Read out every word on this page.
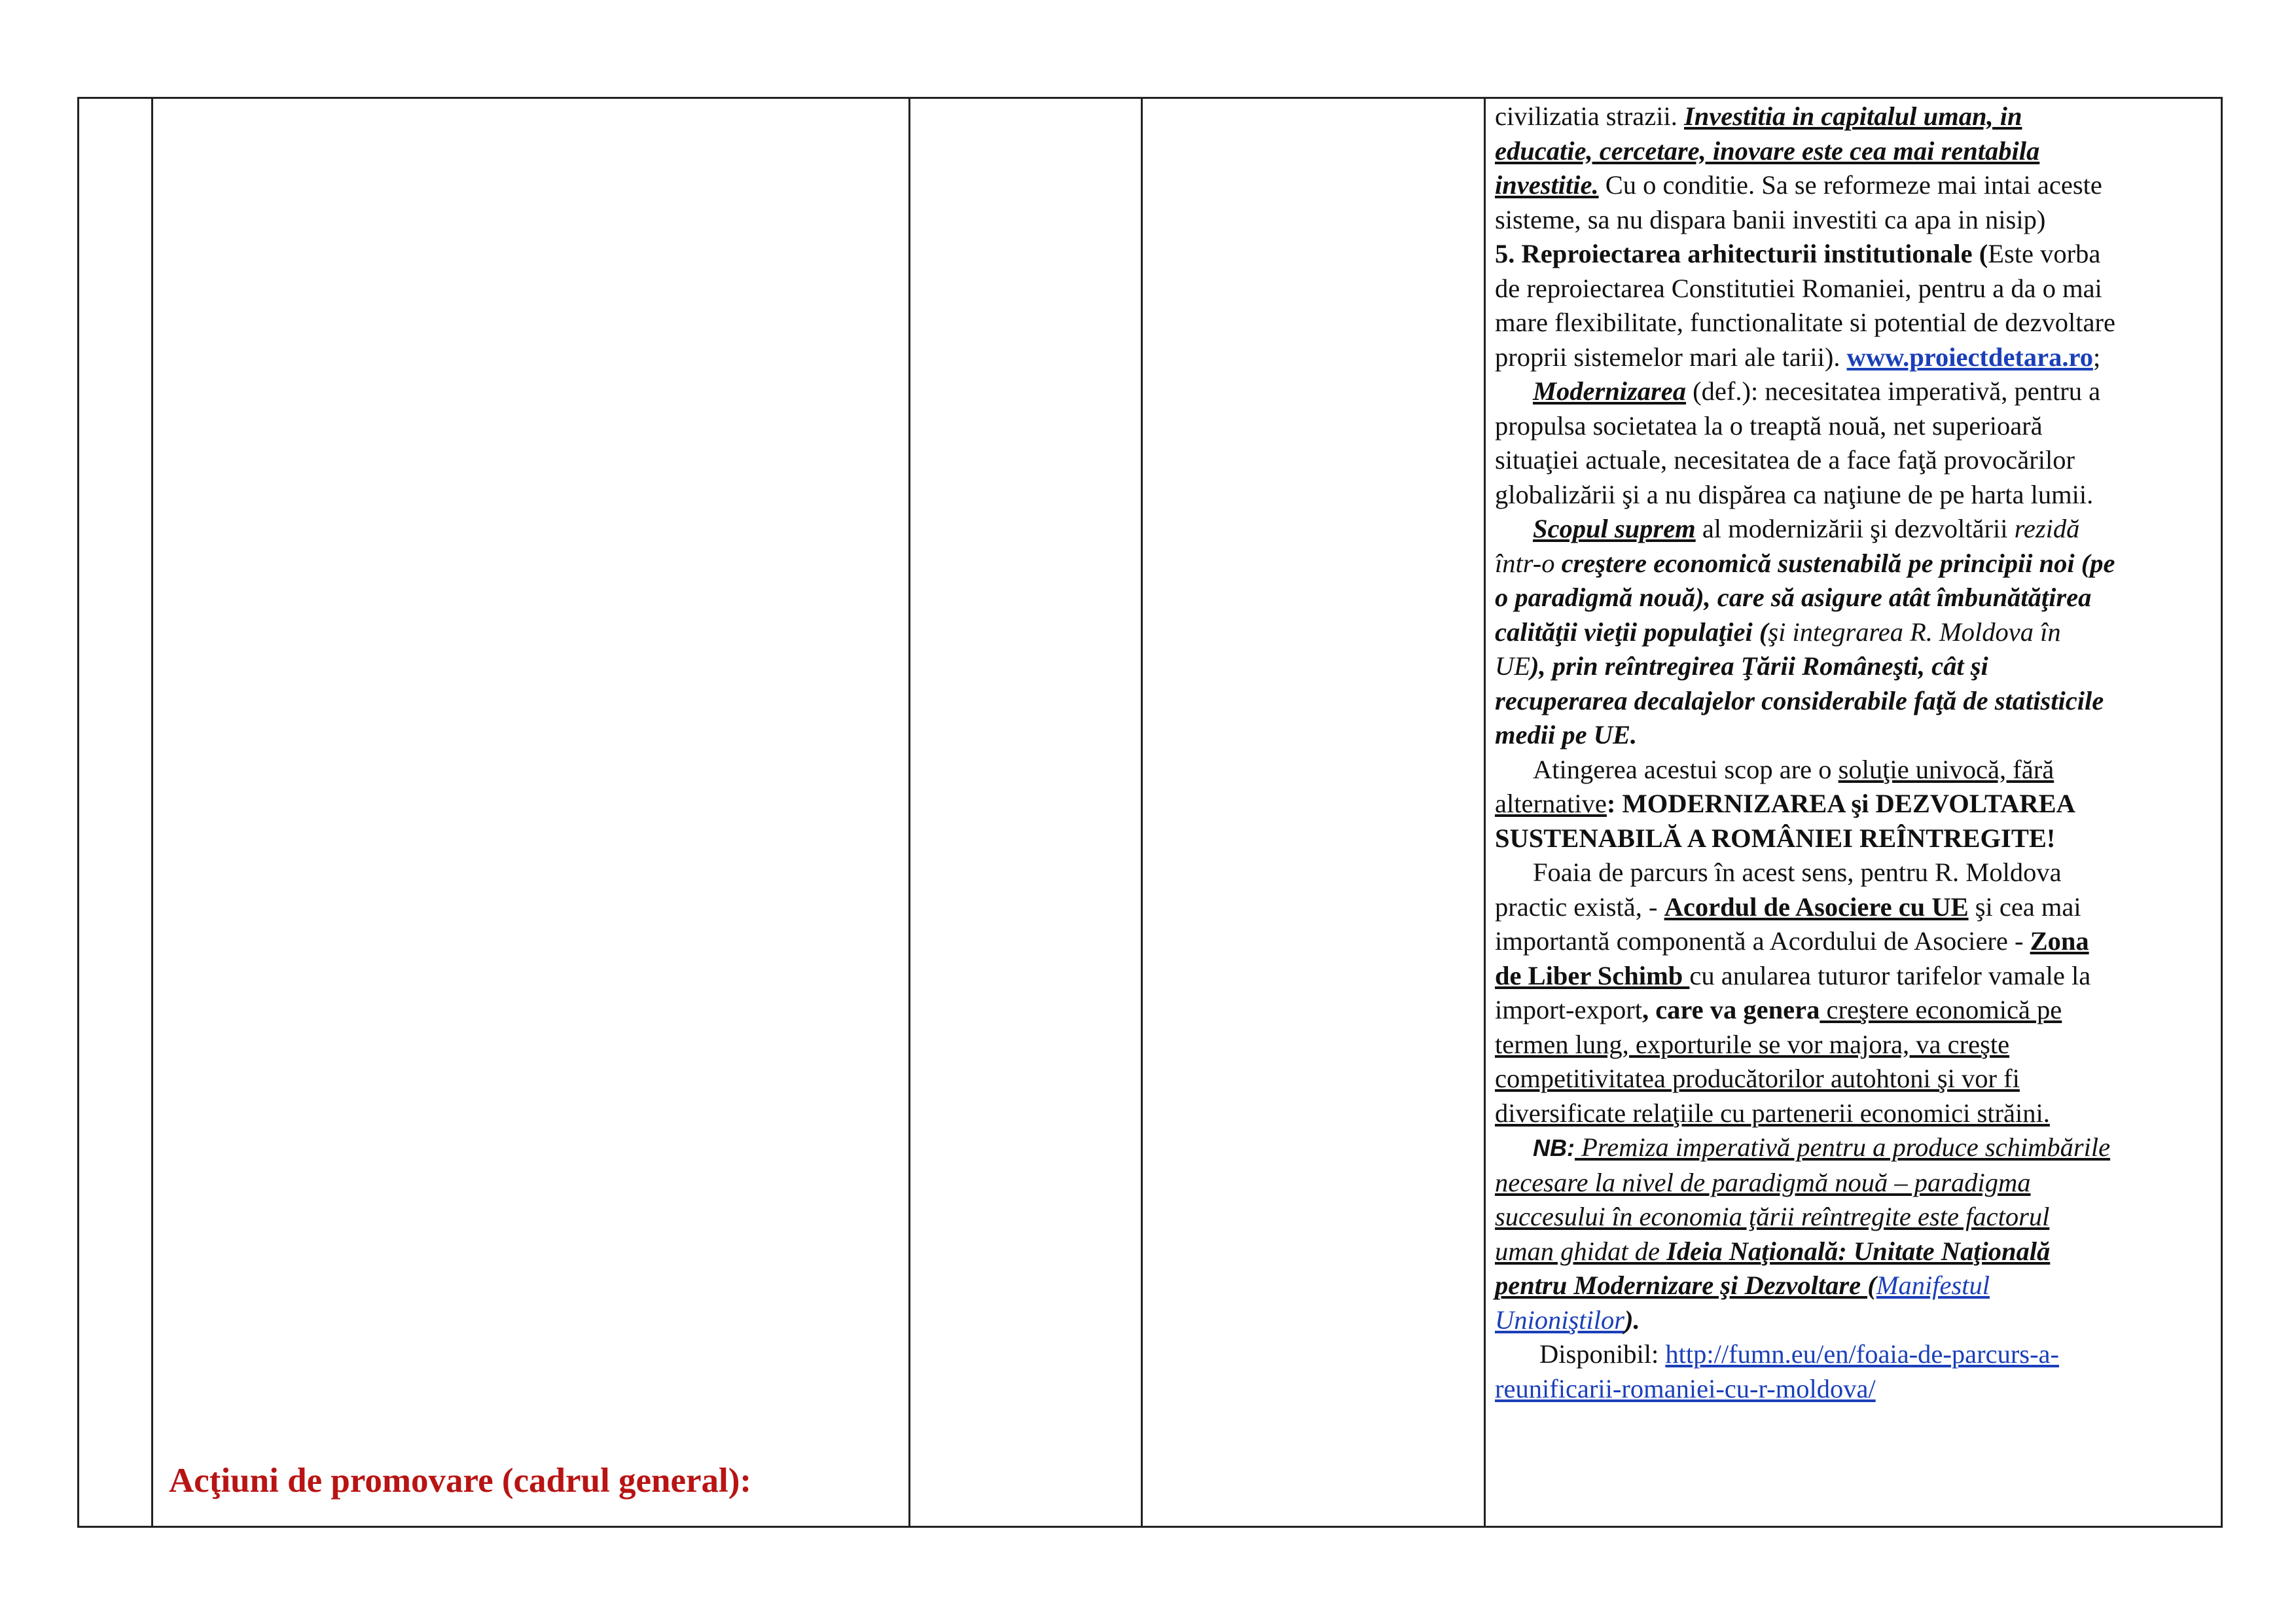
Acţiuni de promovare (cadrul general):

civilizatia strazii. Investitia in capitalul uman, in

educatie, cercetare, inovare este cea mai rentabila

investitie. Cu o conditie. Sa se reformeze mai intai aceste

sisteme, sa nu dispara banii investiti ca apa in nisip)

5. Reproiectarea arhitecturii institutionale (Este vorba

de reproiectarea Constitutiei Romaniei, pentru a da o mai

mare flexibilitate, functionalitate si potential de dezvoltare

proprii sistemelor mari ale tarii). www.proiectdetara.ro;

Modernizarea (def.): necesitatea imperativă, pentru a

propulsa societatea la o treaptă nouă, net superioară

situaţiei actuale, necesitatea de a face faţă provocărilor

globalizării şi a nu dispărea ca naţiune de pe harta lumii.

Scopul suprem al modernizării şi dezvoltării rezidă

într-o creştere economică sustenabilă pe principii noi (pe

o paradigmă nouă), care să asigure atât îmbunătăţirea

calităţii vieţii populaţiei (şi integrarea R. Moldova în

UE), prin reîntregirea Ţării Româneşti, cât şi

recuperarea decalajelor considerabile faţă de statisticile

medii pe UE.

Atingerea acestui scop are o soluţie univocă, fără

alternative: MODERNIZAREA şi DEZVOLTAREA

SUSTENABILĂ A ROMÂNIEI REÎNTREGITE!

Foaia de parcurs în acest sens, pentru R. Moldova

practic există, - Acordul de Asociere cu UE şi cea mai

importantă componentă a Acordului de Asociere - Zona

de Liber Schimb cu anularea tuturor tarifelor vamale la

import-export, care va genera creştere economică pe

termen lung, exporturile se vor majora, va creşte

competitivitatea producătorilor autohtoni şi vor fi

diversificate relaţiile cu partenerii economici străini.

NB: Premiza imperativă pentru a produce schimbările

necesare la nivel de paradigmă nouă – paradigma

succesului în economia ţării reîntregite este factorul

uman ghidat de Ideia Naţională: Unitate Naţională

pentru Modernizare şi Dezvoltare (Manifestul

Unioniştilor).

Disponibil: http://fumn.eu/en/foaia-de-parcurs-a-

reunificarii-romaniei-cu-r-moldova/
